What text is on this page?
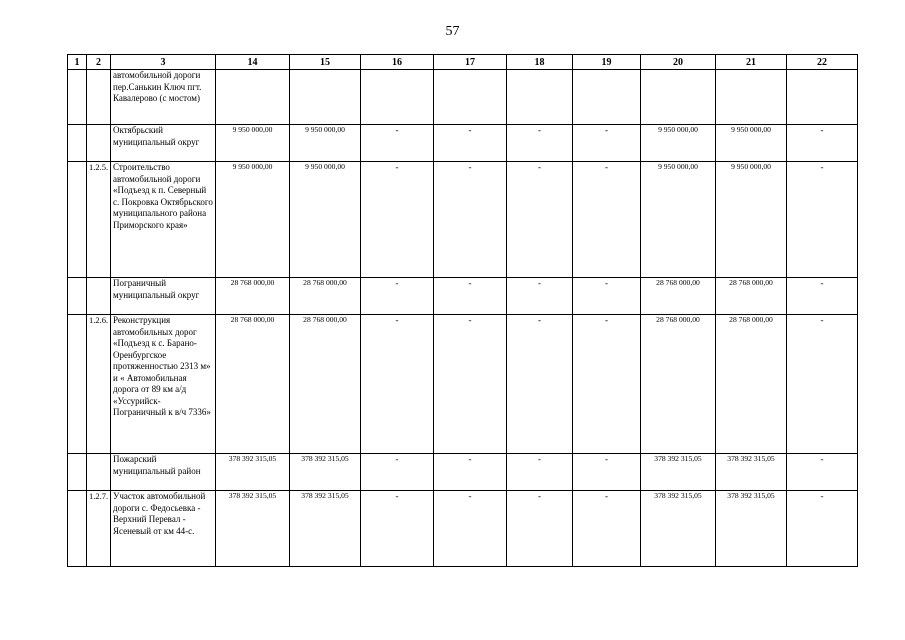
57
1	2	3	14	15	16	17	18	19	20	21	22
		автомобильной дороги пер.Санькин Ключ пгт. Кавалерово (с мостом)									
		Октябрьский муниципальный округ	9 950 000,00	9 950 000,00	-	-	-	-	9 950 000,00	9 950 000,00	-
	1.2.5.	Строительство автомобильной дороги «Подъезд к п. Северный с. Покровка Октябрьского муниципального района Приморского края»	9 950 000,00	9 950 000,00	-	-	-	-	9 950 000,00	9 950 000,00	-
		Пограничный муниципальный округ	28 768 000,00	28 768 000,00	-	-	-	-	28 768 000,00	28 768 000,00	-
	1.2.6.	Реконструкция автомобильных дорог «Подъезд к с. Барано-Оренбургское протяженностью 2313 м» и « Автомобильная дорога от 89 км а/д «Уссурийск-Пограничный к в/ч 7336»	28 768 000,00	28 768 000,00	-	-	-	-	28 768 000,00	28 768 000,00	-
		Пожарский муниципальный район	378 392 315,05	378 392 315,05	-	-	-	-	378 392 315,05	378 392 315,05	-
	1.2.7.	Участок автомобильной дороги с. Федосьевка - Верхний Перевал - Ясеневый от км 44-с.	378 392 315,05	378 392 315,05	-	-	-	-	378 392 315,05	378 392 315,05	-
